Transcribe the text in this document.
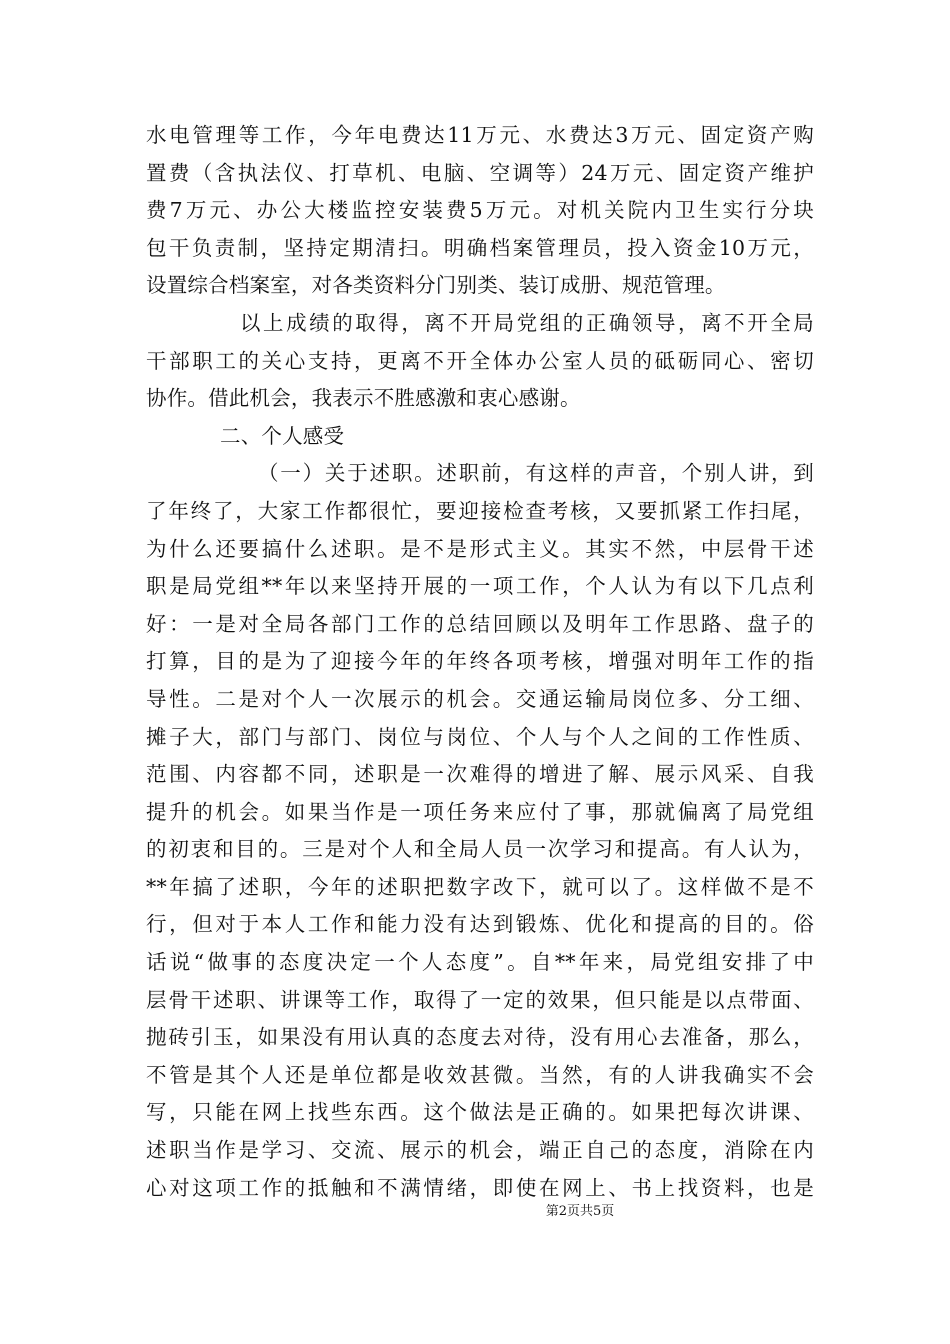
水电管理等工作，今年电费达11万元、水费达3万元、固定资产购
置费（含执法仪、打草机、电脑、空调等）24万元、固定资产维护
费7万元、办公大楼监控安装费5万元。对机关院内卫生实行分块
包干负责制，坚持定期清扫。明确档案管理员，投入资金10万元，
设置综合档案室，对各类资料分门别类、装订成册、规范管理。
以上成绩的取得，离不开局党组的正确领导，离不开全局
干部职工的关心支持，更离不开全体办公室人员的砥砺同心、密切
协作。借此机会，我表示不胜感激和衷心感谢。
二、个人感受
（一）关于述职。述职前，有这样的声音，个别人讲，到
了年终了，大家工作都很忙，要迎接检查考核，又要抓紧工作扫尾，
为什么还要搞什么述职。是不是形式主义。其实不然，中层骨干述
职是局党组**年以来坚持开展的一项工作，个人认为有以下几点利
好：一是对全局各部门工作的总结回顾以及明年工作思路、盘子的
打算，目的是为了迎接今年的年终各项考核，增强对明年工作的指
导性。二是对个人一次展示的机会。交通运输局岗位多、分工细、
摊子大，部门与部门、岗位与岗位、个人与个人之间的工作性质、
范围、内容都不同，述职是一次难得的增进了解、展示风采、自我
提升的机会。如果当作是一项任务来应付了事，那就偏离了局党组
的初衷和目的。三是对个人和全局人员一次学习和提高。有人认为，
**年搞了述职，今年的述职把数字改下，就可以了。这样做不是不
行，但对于本人工作和能力没有达到锻炼、优化和提高的目的。俗
话说“做事的态度决定一个人态度”。自**年来，局党组安排了中
层骨干述职、讲课等工作，取得了一定的效果，但只能是以点带面、
抛砖引玉，如果没有用认真的态度去对待，没有用心去准备，那么，
不管是其个人还是单位都是收效甚微。当然，有的人讲我确实不会
写，只能在网上找些东西。这个做法是正确的。如果把每次讲课、
述职当作是学习、交流、展示的机会，端正自己的态度，消除在内
心对这项工作的抵触和不满情绪，即使在网上、书上找资料，也是
第2页共5页
